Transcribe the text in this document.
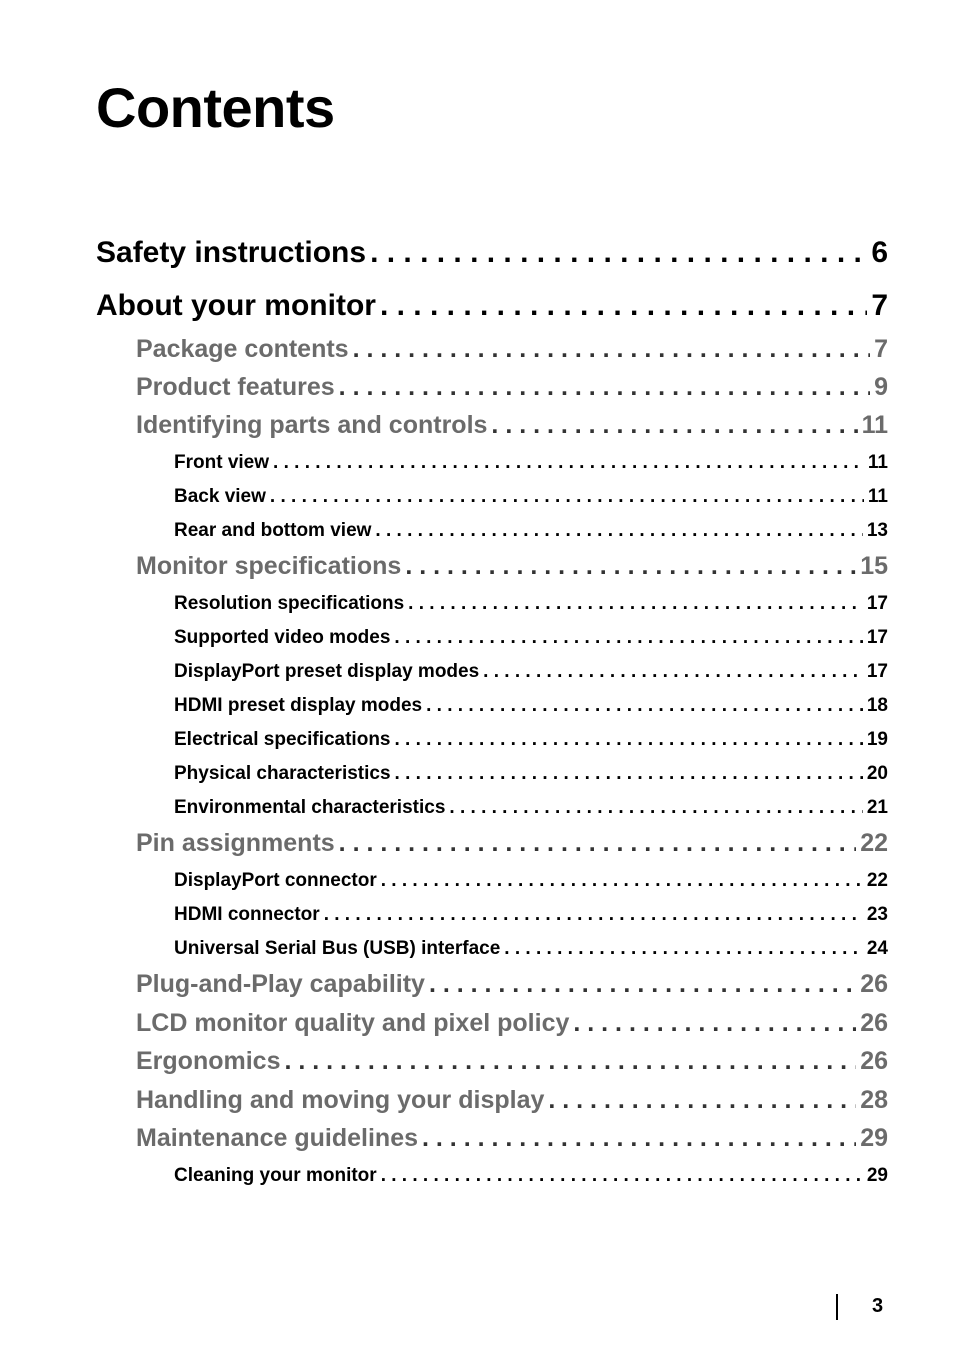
Contents
Safety instructions . . .	6
About your monitor . . .	7
Package contents . . .	7
Product features . . .	9
Identifying parts and controls . . .	11
Front view . . .	11
Back view . . .	11
Rear and bottom view . . .	13
Monitor specifications . . .	15
Resolution specifications . . .	17
Supported video modes . . .	17
DisplayPort preset display modes . . .	17
HDMI preset display modes . . .	18
Electrical specifications . . .	19
Physical characteristics . . .	20
Environmental characteristics . . .	21
Pin assignments . . .	22
DisplayPort connector . . .	22
HDMI connector . . .	23
Universal Serial Bus (USB) interface . . .	24
Plug-and-Play capability . . .	26
LCD monitor quality and pixel policy . . .	26
Ergonomics . . .	26
Handling and moving your display . . .	28
Maintenance guidelines . . .	29
Cleaning your monitor . . .	29
3
